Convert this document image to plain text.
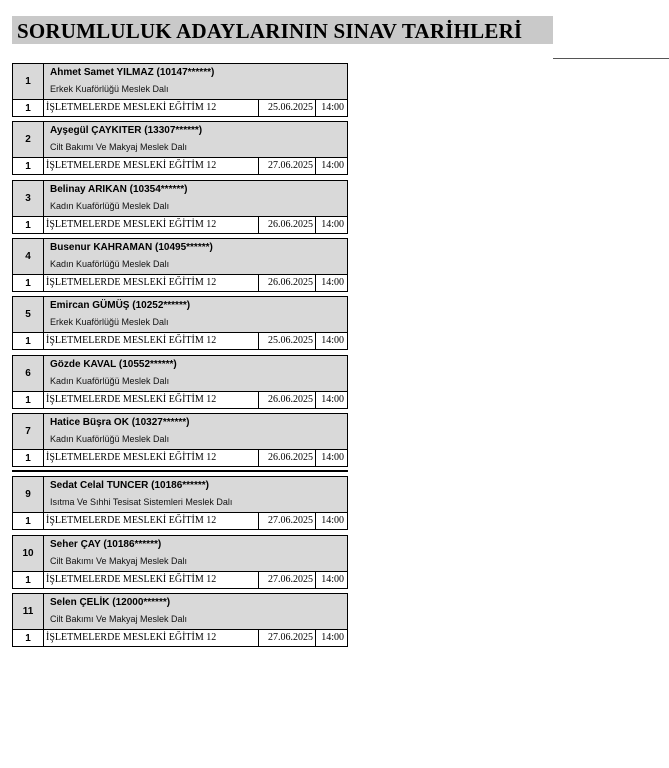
SORUMLULUK ADAYLARININ SINAV TARİHLERİ
1
Ahmet Samet YILMAZ (10147******)
Erkek Kuaförlüğü Meslek Dalı
1	İŞLETMELERDE MESLEKİ EĞİTİM 12	25.06.2025 14:00
2
Ayşegül ÇAYKITER (13307******)
Cilt Bakımı Ve Makyaj Meslek Dalı
1	İŞLETMELERDE MESLEKİ EĞİTİM 12	27.06.2025 14:00
3
Belinay ARIKAN (10354******)
Kadın Kuaförlüğü Meslek Dalı
1	İŞLETMELERDE MESLEKİ EĞİTİM 12	26.06.2025 14:00
4
Busenur KAHRAMAN (10495******)
Kadın Kuaförlüğü Meslek Dalı
1	İŞLETMELERDE MESLEKİ EĞİTİM 12	26.06.2025 14:00
5
Emircan GÜMÜŞ (10252******)
Erkek Kuaförlüğü Meslek Dalı
1	İŞLETMELERDE MESLEKİ EĞİTİM 12	25.06.2025 14:00
6
Gözde KAVAL (10552******)
Kadın Kuaförlüğü Meslek Dalı
1	İŞLETMELERDE MESLEKİ EĞİTİM 12	26.06.2025 14:00
7
Hatice Büşra OK (10327******)
Kadın Kuaförlüğü Meslek Dalı
1	İŞLETMELERDE MESLEKİ EĞİTİM 12	26.06.2025 14:00
9
Sedat Celal TUNCER (10186******)
Isıtma Ve Sıhhi Tesisat Sistemleri Meslek Dalı
1	İŞLETMELERDE MESLEKİ EĞİTİM 12	27.06.2025 14:00
10
Seher ÇAY (10186******)
Cilt Bakımı Ve Makyaj Meslek Dalı
1	İŞLETMELERDE MESLEKİ EĞİTİM 12	27.06.2025 14:00
11
Selen ÇELİK (12000******)
Cilt Bakımı Ve Makyaj Meslek Dalı
1	İŞLETMELERDE MESLEKİ EĞİTİM 12	27.06.2025 14:00
